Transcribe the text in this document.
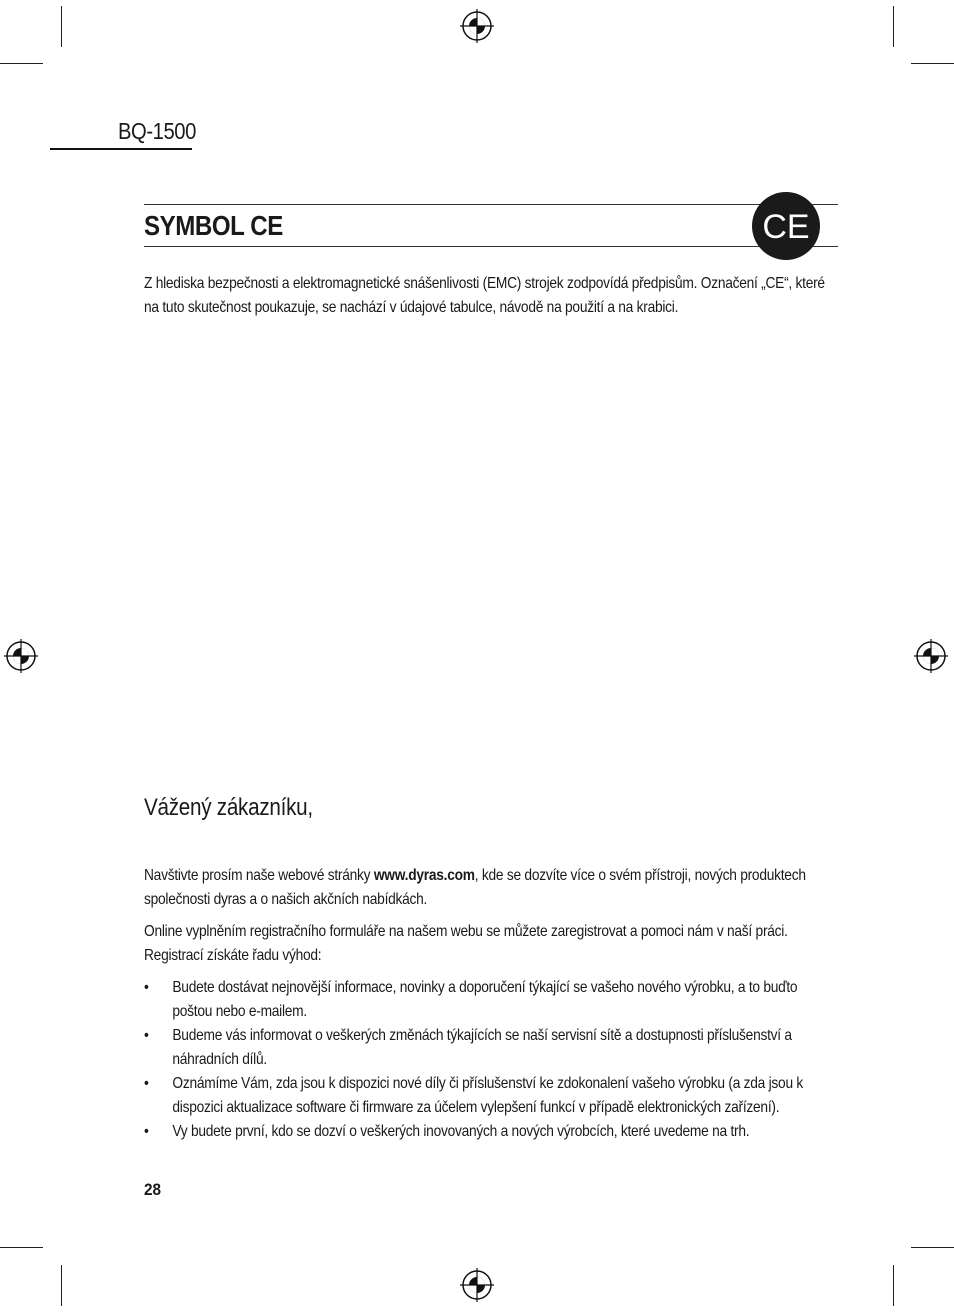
BQ-1500
SYMBOL CE	CE
Z hlediska bezpečnosti a elektromagnetické snášenlivosti (EMC) strojek zodpovídá předpisům. Označení „CE“, které na tuto skutečnost poukazuje, se nachází v údajové tabulce, návodě na použití a na krabici.
Vážený zákazníku,
Navštivte prosím naše webové stránky www.dyras.com, kde se dozvíte více o svém přístroji, nových produktech společnosti dyras a o našich akčních nabídkách.
Online vyplněním registračního formuláře na našem webu se můžete zaregistrovat a pomoci nám v naší práci. Registrací získáte řadu výhod:
• Budete dostávat nejnovější informace, novinky a doporučení týkající se vašeho nového výrobku, a to buďto poštou nebo e-mailem.
• Budeme vás informovat o veškerých změnách týkajících se naší servisní sítě a dostupnosti příslušenství a náhradních dílů.
• Oznámíme Vám, zda jsou k dispozici nové díly či příslušenství ke zdokonalení vašeho výrobku (a zda jsou k dispozici aktualizace software či firmware za účelem vylepšení funkcí v případě elektronických zařízení).
• Vy budete první, kdo se dozví o veškerých inovovaných a nových výrobcích, které uvedeme na trh.
28
